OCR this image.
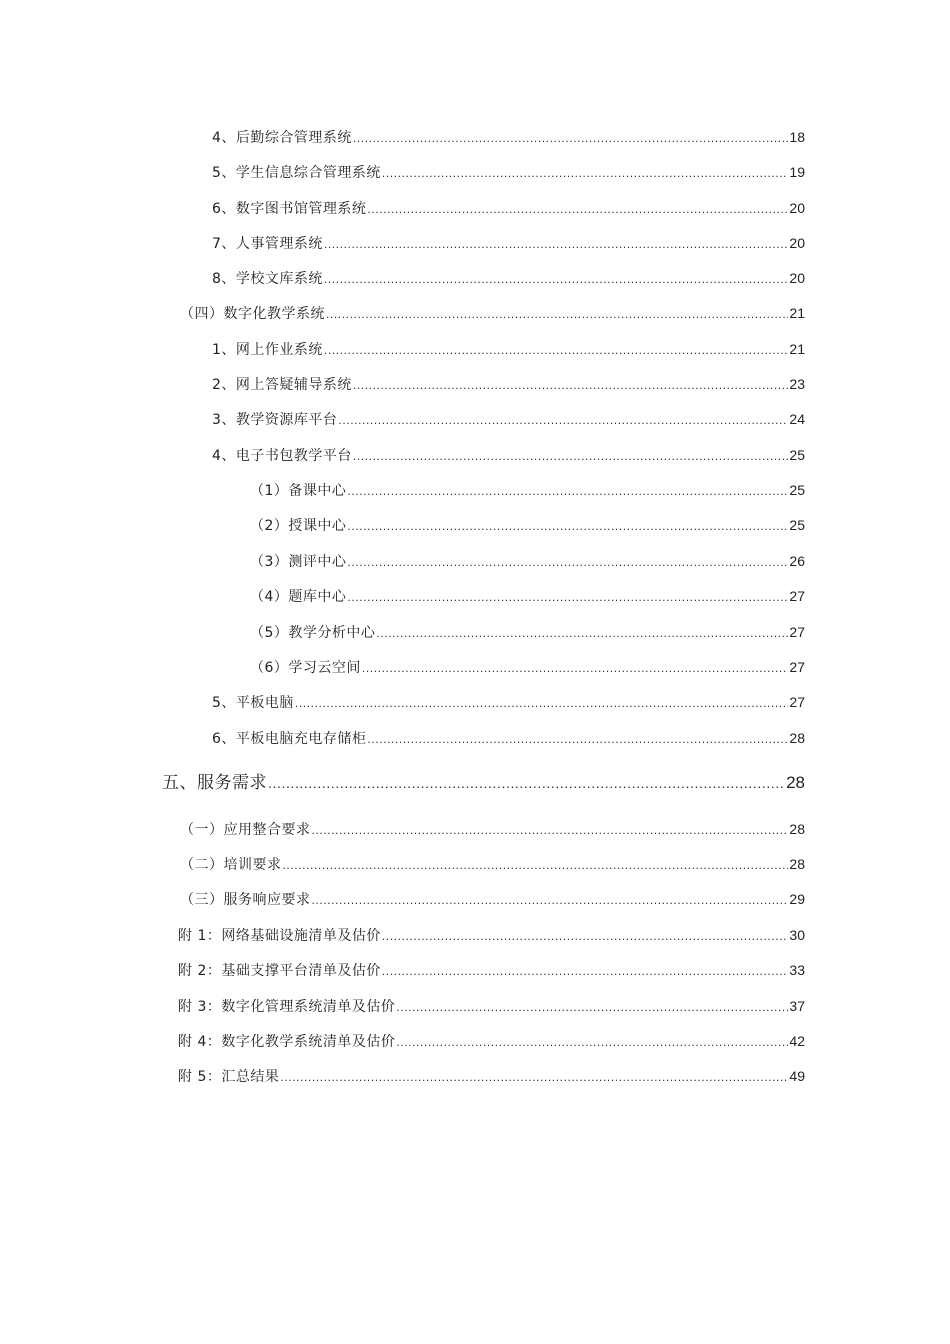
4、后勤综合管理系统 .....	18
5、学生信息综合管理系统 .....	19
6、数字图书馆管理系统 .....	20
7、人事管理系统 .....	20
8、学校文库系统 .....	20
（四）数字化教学系统 .....	21
1、网上作业系统 .....	21
2、网上答疑辅导系统 .....	23
3、教学资源库平台 .....	24
4、电子书包教学平台 .....	25
（1）备课中心 .....	25
（2）授课中心 .....	25
（3）测评中心 .....	26
（4）题库中心 .....	27
（5）教学分析中心 .....	27
（6）学习云空间 .....	27
5、平板电脑 .....	27
6、平板电脑充电存储柜 .....	28
五、服务需求 .....	28
（一）应用整合要求 .....	28
（二）培训要求 .....	28
（三）服务响应要求 .....	29
附 1：网络基础设施清单及估价 .....	30
附 2：基础支撑平台清单及估价 .....	33
附 3：数字化管理系统清单及估价 .....	37
附 4：数字化教学系统清单及估价 .....	42
附 5：汇总结果 .....	49
